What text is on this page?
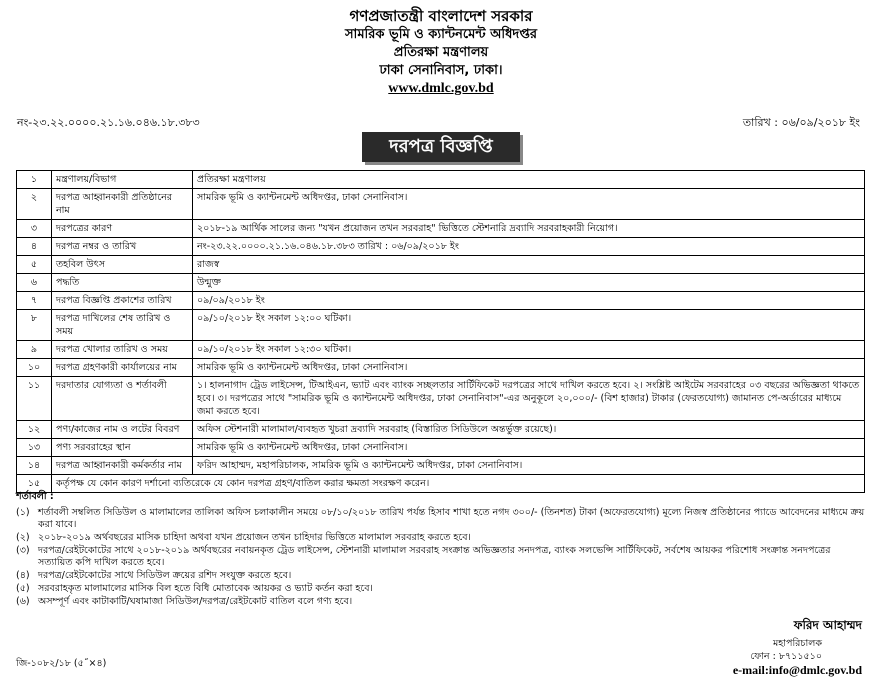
গণপ্রজাতন্ত্রী বাংলাদেশ সরকার
সামরিক ভূমি ও ক্যান্টনমেন্ট অধিদপ্তর
প্রতিরক্ষা মন্ত্রণালয়
ঢাকা সেনানিবাস, ঢাকা।
www.dmlc.gov.bd
নং-২৩.২২.০০০০.২১.১৬.০৪৬.১৮.৩৮৩	তারিখ : ০৬/০৯/২০১৮ ইং
দরপত্র বিজ্ঞপ্তি
১	মন্ত্রণালয়/বিভাগ	প্রতিরক্ষা মন্ত্রণালয়
২	দরপত্র আহ্বানকারী প্রতিষ্ঠানের নাম	সামরিক ভূমি ও ক্যান্টনমেন্ট অধিদপ্তর, ঢাকা সেনানিবাস।
৩	দরপত্রের কারণ	২০১৮-১৯ আর্থিক সালের জন্য "যখন প্রয়োজন তখন সরবরাহ" ভিত্তিতে স্টেশনারি দ্রব্যাদি সরবরাহকারী নিয়োগ।
৪	দরপত্র নম্বর ও তারিখ	নং-২৩.২২.০০০০.২১.১৬.০৪৬.১৮.৩৮৩ তারিখ : ০৬/০৯/২০১৮ ইং
৫	তহবিল উৎস	রাজস্ব
৬	পদ্ধতি	উন্মুক্ত
৭	দরপত্র বিজ্ঞপ্তি প্রকাশের তারিখ	০৯/০৯/২০১৮ ইং
৮	দরপত্র দাখিলের শেষ তারিখ ও সময়	০৯/১০/২০১৮ ইং সকাল ১২:০০ ঘটিকা।
৯	দরপত্র খোলার তারিখ ও সময়	০৯/১০/২০১৮ ইং সকাল ১২:৩০ ঘটিকা।
১০	দরপত্র গ্রহণকারী কার্যালয়ের নাম	সামরিক ভূমি ও ক্যান্টনমেন্ট অধিদপ্তর, ঢাকা সেনানিবাস।
১১	দরদাতার যোগ্যতা ও শর্তাবলী	১। হালনাগাদ ট্রেড লাইসেন্স, টিআইএন, ভ্যাট এবং ব্যাংক সচ্ছলতার সার্টিফিকেট দরপত্রের সাথে দাখিল করতে হবে। ২। সংশ্লিষ্ট আইটেম সরবরাহের ০৩ বছরের অভিজ্ঞতা থাকতে হবে। ৩। দরপত্রের সাথে "সামরিক ভূমি ও ক্যান্টনমেন্ট অধিদপ্তর, ঢাকা সেনানিবাস"-এর অনুকূলে ২০,০০০/- (বিশ হাজার) টাকার (ফেরতযোগ্য) জামানত পে-অর্ডারের মাধ্যমে জমা করতে হবে।
১২	পণ্য/কাজের নাম ও লটের বিবরণ	অফিস স্টেশনারী মালামাল/ব্যবহৃত খুচরা দ্রব্যাদি সরবরাহ (বিস্তারিত সিডিউলে অন্তর্ভুক্ত রয়েছে)।
১৩	পণ্য সরবরাহের স্থান	সামরিক ভূমি ও ক্যান্টনমেন্ট অধিদপ্তর, ঢাকা সেনানিবাস।
১৪	দরপত্র আহ্বানকারী কর্মকর্তার নাম	ফরিদ আহাম্মদ, মহাপরিচালক, সামরিক ভূমি ও ক্যান্টনমেন্ট অধিদপ্তর, ঢাকা সেনানিবাস।
১৫	কর্তৃপক্ষ যে কোন কারণ দর্শানো ব্যতিরেকে যে কোন দরপত্র গ্রহণ/বাতিল করার ক্ষমতা সংরক্ষণ করেন।	
শর্তাবলী :
(১) শর্তাবলী সম্বলিত সিডিউল ও মালামালের তালিকা অফিস চলাকালীন সময়ে ০৮/১০/২০১৮ তারিখ পর্যন্ত হিসাব শাখা হতে নগদ ৩০০/- (তিনশত) টাকা (অফেরতযোগ্য) মূল্যে নিজস্ব প্রতিষ্ঠানের প্যাডে আবেদনের মাধ্যমে ক্রয় করা যাবে।
(২) ২০১৮-২০১৯ অর্থবছরের মাসিক চাহিদা অথবা যখন প্রয়োজন তখন চাহিদার ভিত্তিতে মালামাল সরবরাহ করতে হবে।
(৩) দরপত্র/রেইটকোটের সাথে ২০১৮-২০১৯ অর্থবছরের নবায়নকৃত ট্রেড লাইসেন্স, স্টেশনারী মালামাল সরবরাহ সংক্রান্ত অভিজ্ঞতার সনদপত্র, ব্যাংক সলভেন্সি সার্টিফিকেট, সর্বশেষ আয়কর পরিশোধ সংক্রান্ত সনদপত্রের সত্যায়িত কপি দাখিল করতে হবে।
(৪) দরপত্র/রেইটকোটের সাথে সিডিউল ক্রয়ের রশিদ সংযুক্ত করতে হবে।
(৫) সরবরাহকৃত মালামালের মাসিক বিল হতে বিধি মোতাবেক আয়কর ও ভ্যাট কর্তন করা হবে।
(৬) অসম্পূর্ণ এবং কাটাকাটি/ঘষামাজা সিডিউল/দরপত্র/রেইটকোট বাতিল বলে গণ্য হবে।
ফরিদ আহাম্মদ
মহাপরিচালক
ফোন : ৮৭১১৫১০
e-mail:info@dmlc.gov.bd
জি-১০৮২/১৮ (৫˝×৪)
